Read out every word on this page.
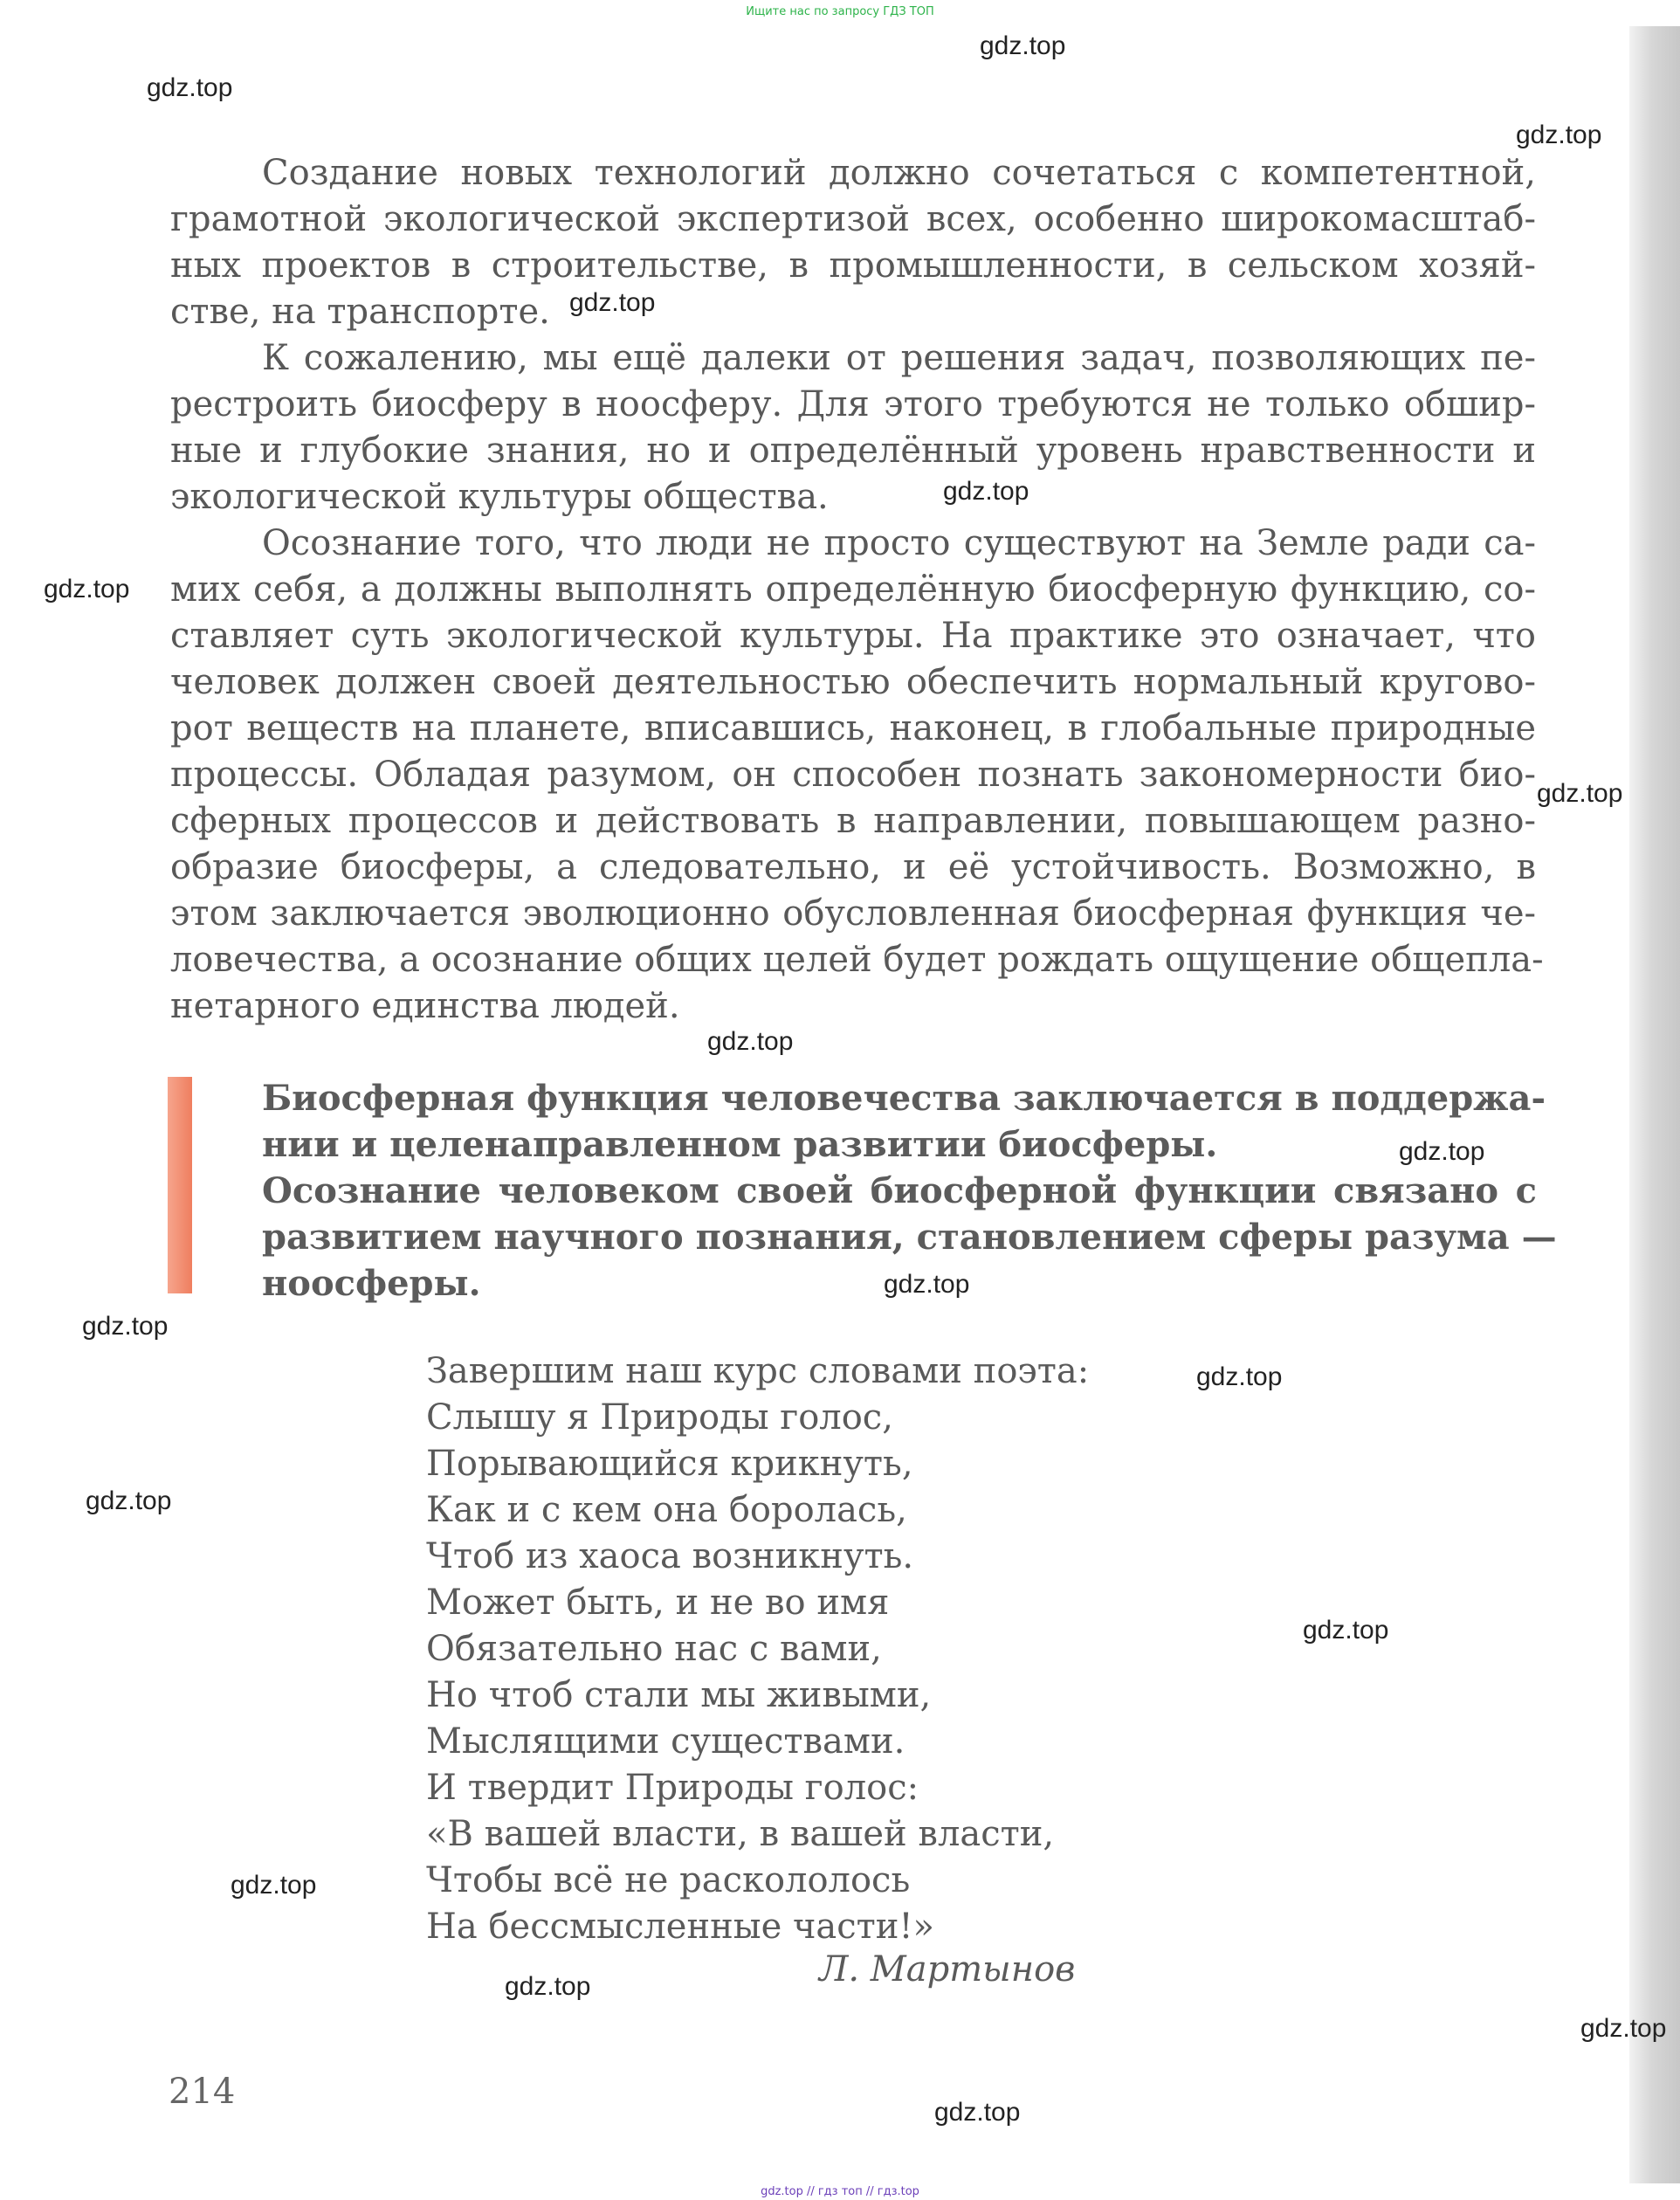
Ищите нас по запросу ГДЗ ТОП
gdz.top
gdz.top
gdz.top
gdz.top
gdz.top
gdz.top
gdz.top
gdz.top
gdz.top
gdz.top
gdz.top
gdz.top
gdz.top
gdz.top
gdz.top
gdz.top
gdz.top
gdz.top
Создание новых технологий должно сочетаться с компетентной,
грамотной экологической экспертизой всех, особенно широкомасштаб-
ных проектов в строительстве, в промышленности, в сельском хозяй-
стве, на транспорте.
К сожалению, мы ещё далеки от решения задач, позволяющих пе-
рестроить биосферу в ноосферу. Для этого требуются не только обшир-
ные и глубокие знания, но и определённый уровень нравственности и
экологической культуры общества.
Осознание того, что люди не просто существуют на Земле ради са-
мих себя, а должны выполнять определённую биосферную функцию, со-
ставляет суть экологической культуры. На практике это означает, что
человек должен своей деятельностью обеспечить нормальный кругово-
рот веществ на планете, вписавшись, наконец, в глобальные природные
процессы. Обладая разумом, он способен познать закономерности био-
сферных процессов и действовать в направлении, повышающем разно-
образие биосферы, а следовательно, и её устойчивость. Возможно, в
этом заключается эволюционно обусловленная биосферная функция че-
ловечества, а осознание общих целей будет рождать ощущение общепла-
нетарного единства людей.
Биосферная функция человечества заключается в поддержа-
нии и целенаправленном развитии биосферы.
Осознание человеком своей биосферной функции связано с
развитием научного познания, становлением сферы разума —
ноосферы.
Завершим наш курс словами поэта:
Слышу я Природы голос,
Порывающийся крикнуть,
Как и с кем она боролась,
Чтоб из хаоса возникнуть.
Может быть, и не во имя
Обязательно нас с вами,
Но чтоб стали мы живыми,
Мыслящими существами.
И твердит Природы голос:
«В вашей власти, в вашей власти,
Чтобы всё не раскололось
На бессмысленные части!»
Л. Мартынов
214
gdz.top // гдз топ // гдз.top
